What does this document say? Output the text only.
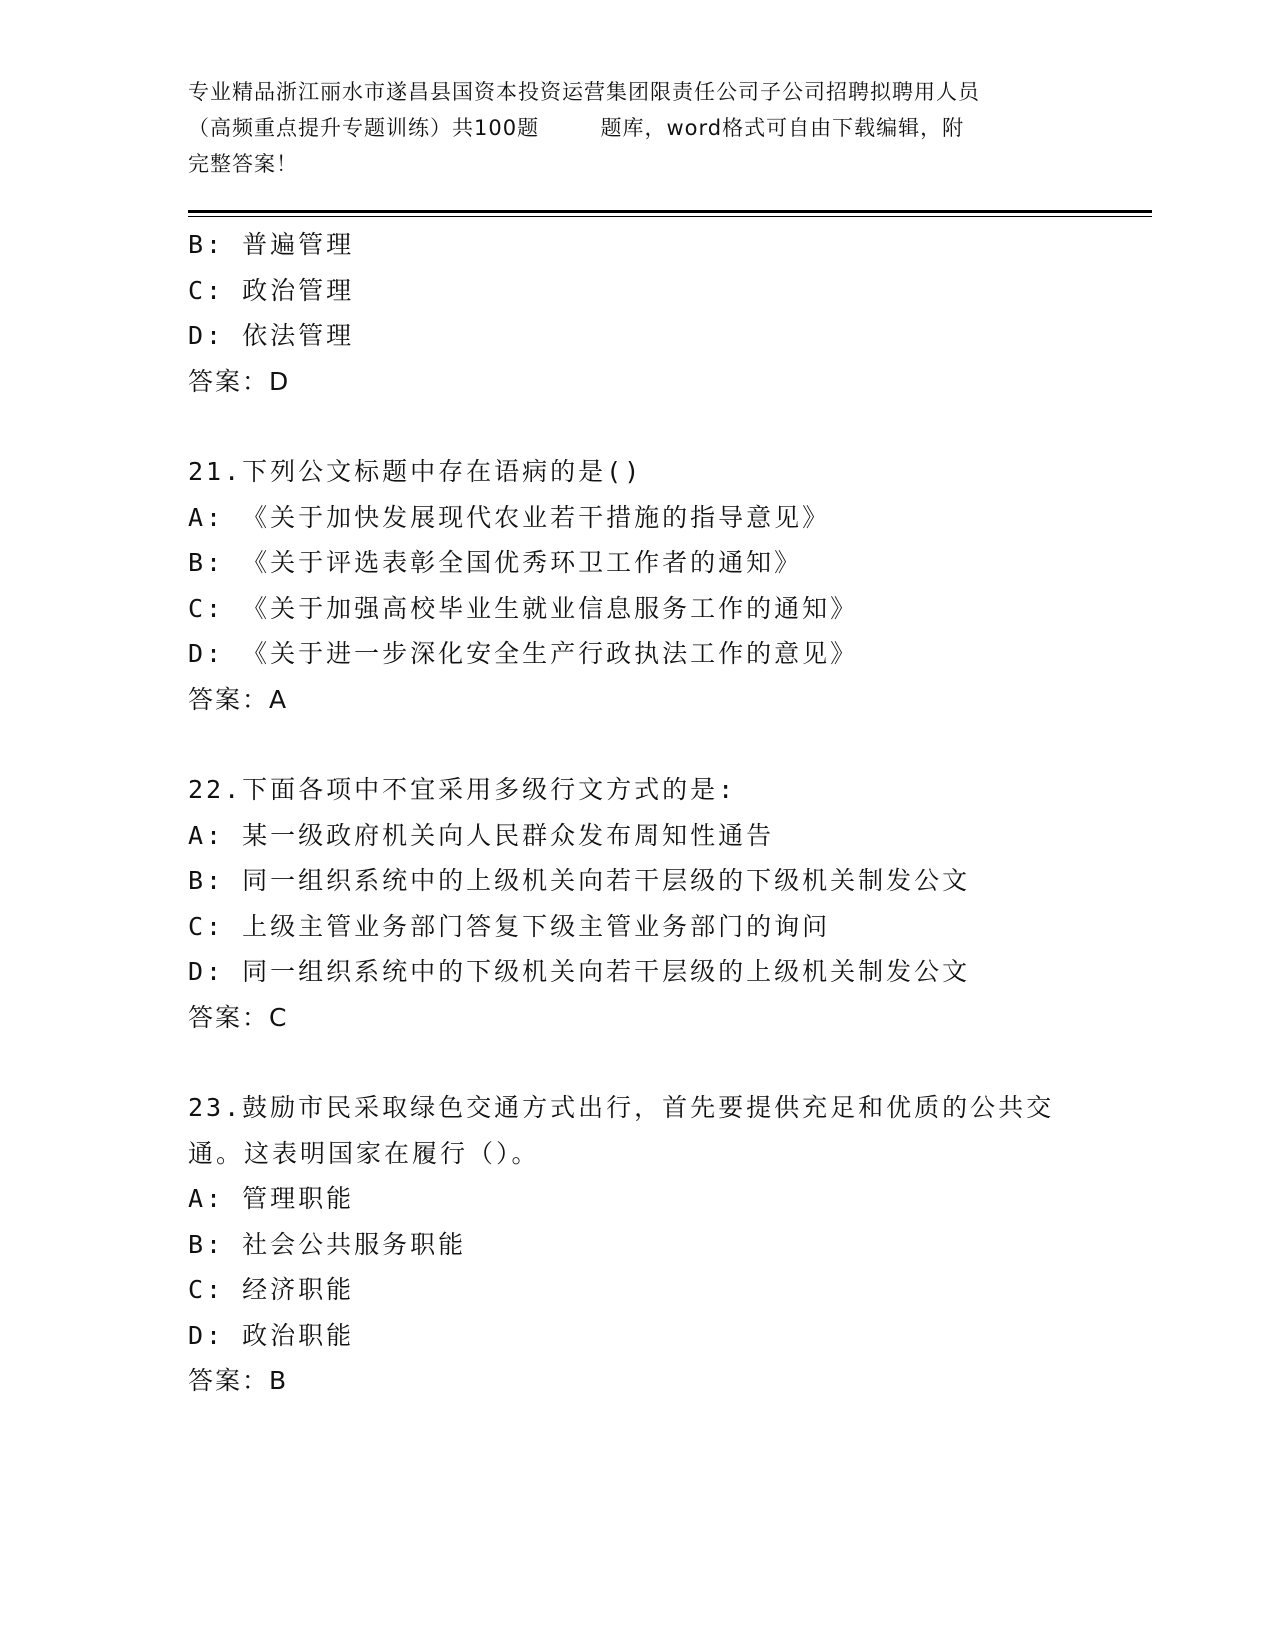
专业精品浙江丽水市遂昌县国资本投资运营集团限责任公司子公司招聘拟聘用人员
（高频重点提升专题训练）共100题        题库，word格式可自由下载编辑，附
完整答案！
B: 普遍管理
C: 政治管理
D: 依法管理
答案：D
21.下列公文标题中存在语病的是()
A: 《关于加快发展现代农业若干措施的指导意见》
B: 《关于评选表彰全国优秀环卫工作者的通知》
C: 《关于加强高校毕业生就业信息服务工作的通知》
D: 《关于进一步深化安全生产行政执法工作的意见》
答案：A
22.下面各项中不宜采用多级行文方式的是:
A: 某一级政府机关向人民群众发布周知性通告
B: 同一组织系统中的上级机关向若干层级的下级机关制发公文
C: 上级主管业务部门答复下级主管业务部门的询问
D: 同一组织系统中的下级机关向若干层级的上级机关制发公文
答案：C
23.鼓励市民采取绿色交通方式出行，首先要提供充足和优质的公共交
通。这表明国家在履行（）。
A: 管理职能
B: 社会公共服务职能
C: 经济职能
D: 政治职能
答案：B
